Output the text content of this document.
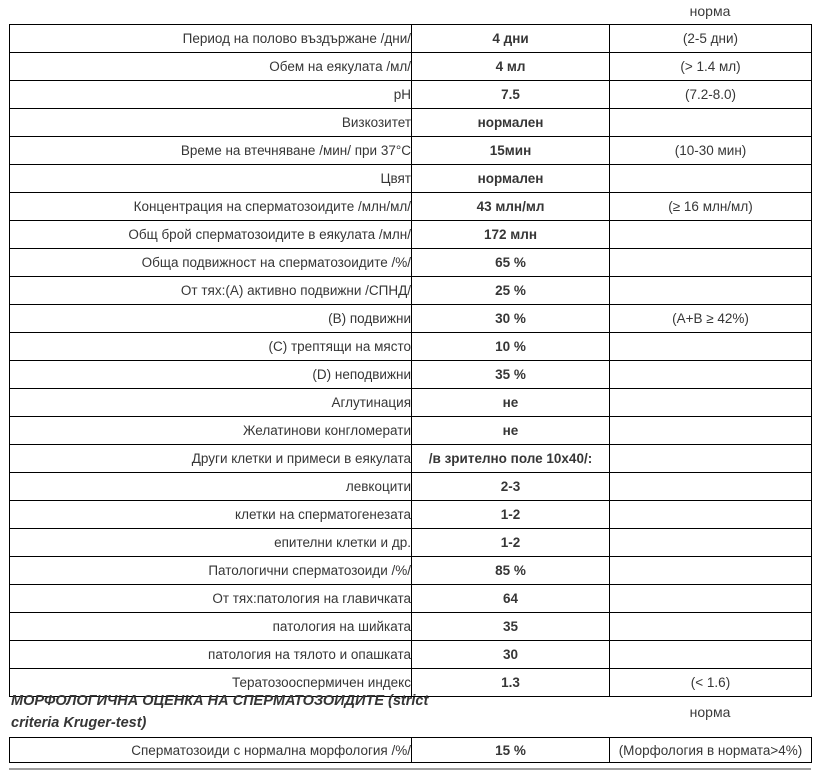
норма
Период на полово въздържане /дни/	4 дни	(2-5 дни)
Обем на еякулата /мл/	4 мл	(> 1.4 мл)
pH	7.5	(7.2-8.0)
Визкозитет	нормален	
Време на втечняване /мин/ при 37°C	15мин	(10-30 мин)
Цвят	нормален	
Концентрация на сперматозоидите /млн/мл/	43 млн/мл	(≥ 16 млн/мл)
Общ брой сперматозоидите в еякулата /млн/	172 млн	
Обща подвижност на сперматозоидите /%/	65 %	
От тях:(А) активно подвижни /СПНД/	25 %	
(В) подвижни	30 %	(А+В ≥ 42%)
(С) трептящи на място	10 %	
(D) неподвижни	35 %	
Аглутинация	не	
Желатинови конгломерати	не	
Други клетки и примеси в еякулата	/в зрително поле 10х40/:	
левкоцити	2-3	
клетки на сперматогенезата	1-2	
епителни клетки и др.	1-2	
Патологични сперматозоиди /%/	85 %	
От тях:патология на главичката	64	
патология на шийката	35	
патология на тялото и опашката	30	
Тератозооспермичен индекс	1.3	(< 1.6)
МОРФОЛОГИЧНА ОЦЕНКА НА СПЕРМАТОЗОИДИТЕ (strict criteria Kruger-test)
норма
Сперматозоиди с нормална морфология /%/	15 %	(Морфология в нормата>4%)
